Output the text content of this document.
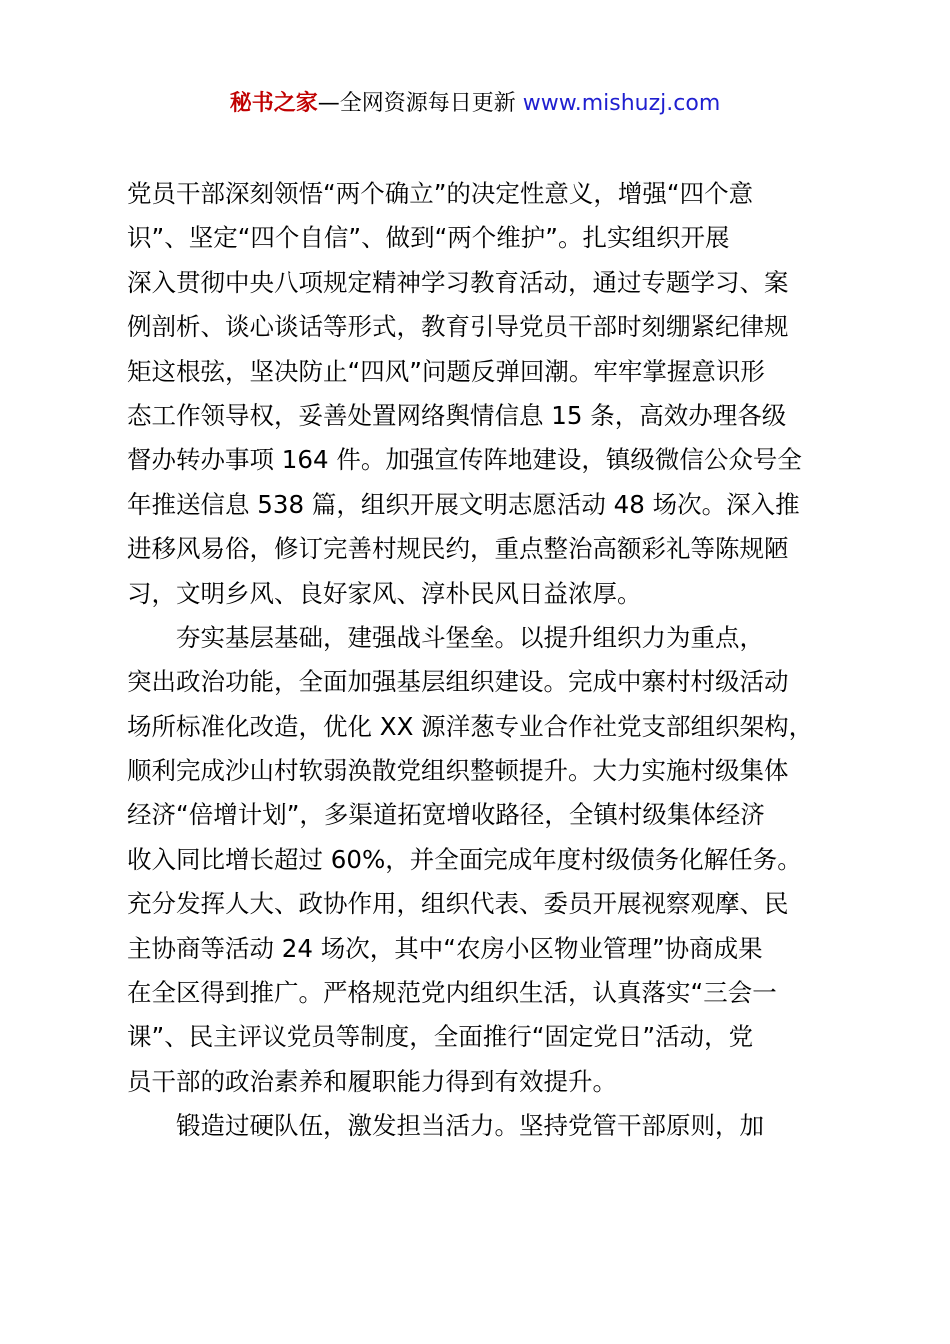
秘书之家—全网资源每日更新 www.mishuzj.com
党员干部深刻领悟“两个确立”的决定性意义，增强“四个意
识”、坚定“四个自信”、做到“两个维护”。扎实组织开展
深入贯彻中央八项规定精神学习教育活动，通过专题学习、案
例剖析、谈心谈话等形式，教育引导党员干部时刻绷紧纪律规
矩这根弦，坚决防止“四风”问题反弹回潮。牢牢掌握意识形
态工作领导权，妥善处置网络舆情信息 15 条，高效办理各级
督办转办事项 164 件。加强宣传阵地建设，镇级微信公众号全
年推送信息 538 篇，组织开展文明志愿活动 48 场次。深入推
进移风易俗，修订完善村规民约，重点整治高额彩礼等陈规陋
习，文明乡风、良好家风、淳朴民风日益浓厚。
夯实基层基础，建强战斗堡垒。以提升组织力为重点，
突出政治功能，全面加强基层组织建设。完成中寨村村级活动
场所标准化改造，优化 XX 源洋葱专业合作社党支部组织架构，
顺利完成沙山村软弱涣散党组织整顿提升。大力实施村级集体
经济“倍增计划”，多渠道拓宽增收路径，全镇村级集体经济
收入同比增长超过 60%，并全面完成年度村级债务化解任务。
充分发挥人大、政协作用，组织代表、委员开展视察观摩、民
主协商等活动 24 场次，其中“农房小区物业管理”协商成果
在全区得到推广。严格规范党内组织生活，认真落实“三会一
课”、民主评议党员等制度，全面推行“固定党日”活动，党
员干部的政治素养和履职能力得到有效提升。
锻造过硬队伍，激发担当活力。坚持党管干部原则，加
